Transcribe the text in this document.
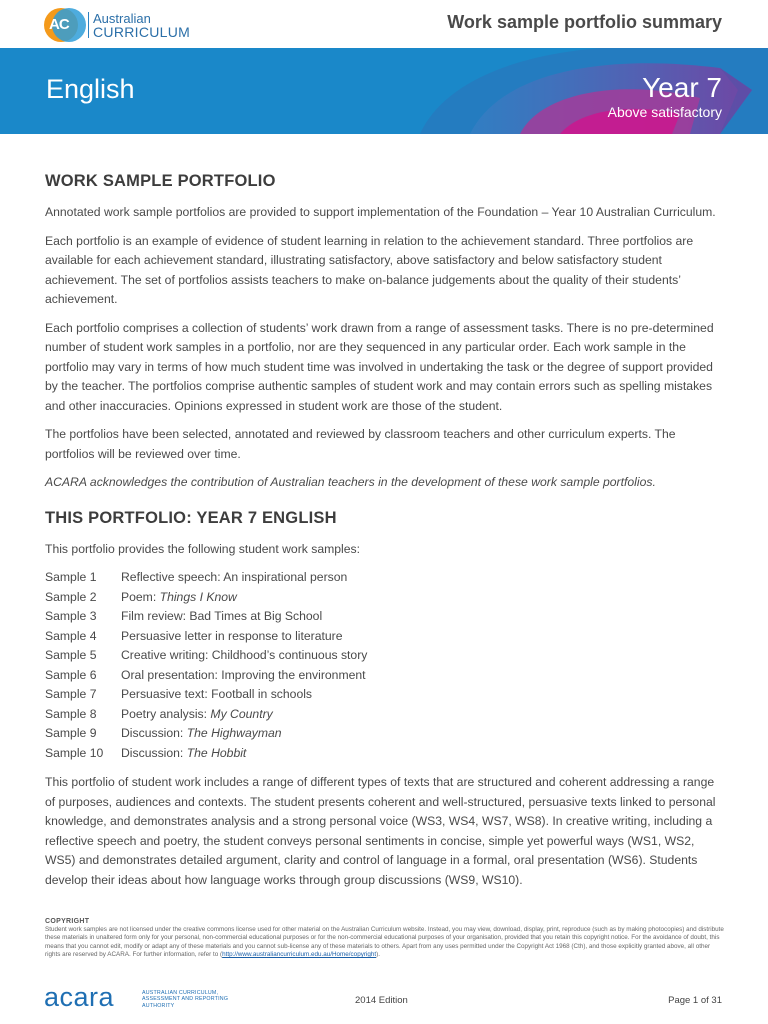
AC	Australian
CURRICULUM	Work sample portfolio summary
English	Year 7
Above satisfactory
WORK SAMPLE PORTFOLIO

Annotated work sample portfolios are provided to support implementation of the Foundation – Year 10 Australian Curriculum.

Each portfolio is an example of evidence of student learning in relation to the achievement standard. Three portfolios are available for each achievement standard, illustrating satisfactory, above satisfactory and below satisfactory student achievement. The set of portfolios assists teachers to make on-balance judgements about the quality of their students’ achievement.

Each portfolio comprises a collection of students’ work drawn from a range of assessment tasks. There is no pre-determined number of student work samples in a portfolio, nor are they sequenced in any particular order. Each work sample in the portfolio may vary in terms of how much student time was involved in undertaking the task or the degree of support provided by the teacher. The portfolios comprise authentic samples of student work and may contain errors such as spelling mistakes and other inaccuracies. Opinions expressed in student work are those of the student.

The portfolios have been selected, annotated and reviewed by classroom teachers and other curriculum experts. The portfolios will be reviewed over time.

ACARA acknowledges the contribution of Australian teachers in the development of these work sample portfolios.

THIS PORTFOLIO: YEAR 7 ENGLISH

This portfolio provides the following student work samples:

Sample 1	Reflective speech: An inspirational person
Sample 2	Poem: Things I Know
Sample 3	Film review: Bad Times at Big School
Sample 4	Persuasive letter in response to literature
Sample 5	Creative writing: Childhood’s continuous story
Sample 6	Oral presentation: Improving the environment
Sample 7	Persuasive text: Football in schools
Sample 8	Poetry analysis: My Country
Sample 9	Discussion: The Highwayman
Sample 10	Discussion: The Hobbit

This portfolio of student work includes a range of different types of texts that are structured and coherent addressing a range of purposes, audiences and contexts. The student presents coherent and well-structured, persuasive texts linked to personal knowledge, and demonstrates analysis and a strong personal voice (WS3, WS4, WS7, WS8). In creative writing, including a reflective speech and poetry, the student conveys personal sentiments in concise, simple yet powerful ways (WS1, WS2, WS5) and demonstrates detailed argument, clarity and control of language in a formal, oral presentation (WS6). Students develop their ideas about how language works through group discussions (WS9, WS10).

COPYRIGHT
Student work samples are not licensed under the creative commons license used for other material on the Australian Curriculum website. Instead, you may view, download, display, print, reproduce (such as by making photocopies) and distribute these materials in unaltered form only for your personal, non-commercial educational purposes or for the non-commercial educational purposes of your organisation, provided that you retain this copyright notice. For the avoidance of doubt, this means that you cannot edit, modify or adapt any of these materials and you cannot sub-license any of these materials to others. Apart from any uses permitted under the Copyright Act 1968 (Cth), and those explicitly granted above, all other rights are reserved by ACARA. For further information, refer to (http://www.australiancurriculum.edu.au/Home/copyright).
acara	AUSTRALIAN CURRICULUM, ASSESSMENT AND REPORTING AUTHORITY	2014 Edition	Page 1 of 31
